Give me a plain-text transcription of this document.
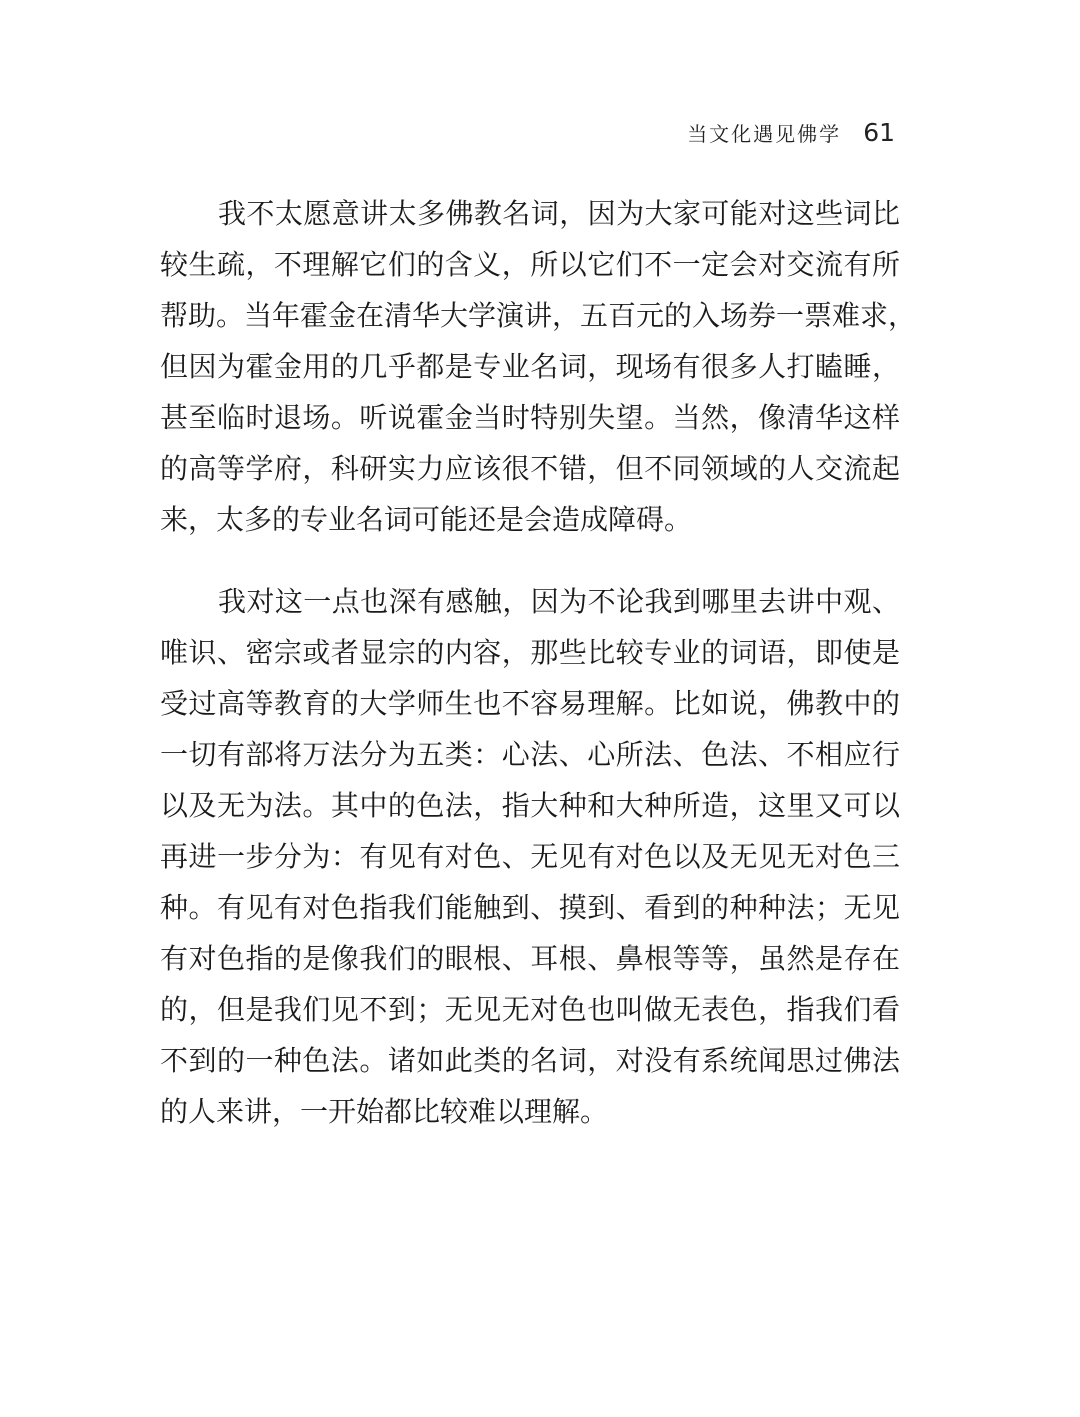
当文化遇见佛学 61
我不太愿意讲太多佛教名词，因为大家可能对这些词比
较生疏，不理解它们的含义，所以它们不一定会对交流有所
帮助。当年霍金在清华大学演讲，五百元的入场券一票难求，
但因为霍金用的几乎都是专业名词，现场有很多人打瞌睡，
甚至临时退场。听说霍金当时特别失望。当然，像清华这样
的高等学府，科研实力应该很不错，但不同领域的人交流起
来，太多的专业名词可能还是会造成障碍。
我对这一点也深有感触，因为不论我到哪里去讲中观、
唯识、密宗或者显宗的内容，那些比较专业的词语，即使是
受过高等教育的大学师生也不容易理解。比如说，佛教中的
一切有部将万法分为五类：心法、心所法、色法、不相应行
以及无为法。其中的色法，指大种和大种所造，这里又可以
再进一步分为：有见有对色、无见有对色以及无见无对色三
种。有见有对色指我们能触到、摸到、看到的种种法；无见
有对色指的是像我们的眼根、耳根、鼻根等等，虽然是存在
的，但是我们见不到；无见无对色也叫做无表色，指我们看
不到的一种色法。诸如此类的名词，对没有系统闻思过佛法
的人来讲，一开始都比较难以理解。
